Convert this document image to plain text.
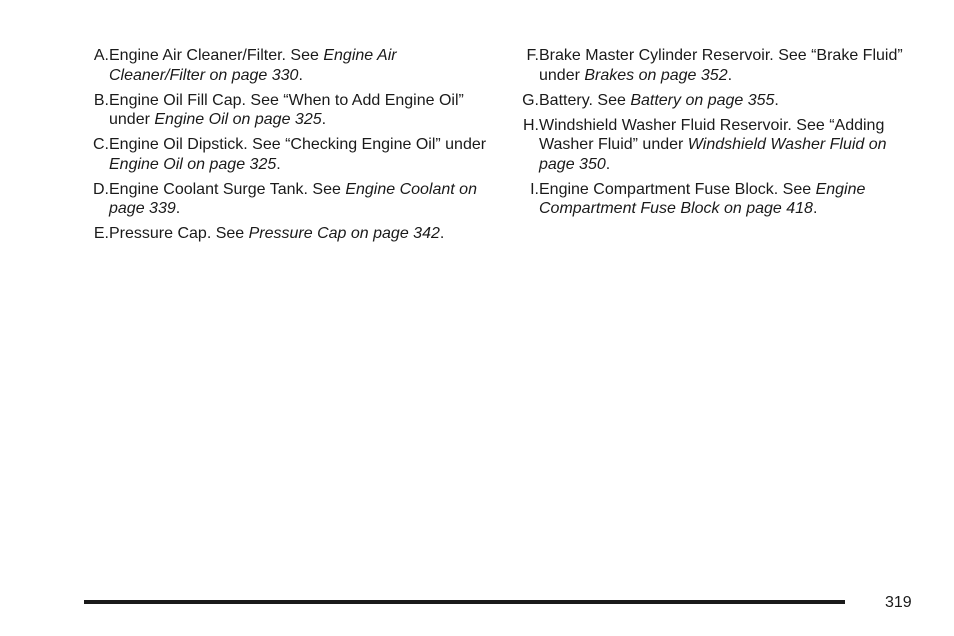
A. Engine Air Cleaner/Filter. See Engine Air Cleaner/Filter on page 330.
B. Engine Oil Fill Cap. See “When to Add Engine Oil” under Engine Oil on page 325.
C. Engine Oil Dipstick. See “Checking Engine Oil” under Engine Oil on page 325.
D. Engine Coolant Surge Tank. See Engine Coolant on page 339.
E. Pressure Cap. See Pressure Cap on page 342.
F. Brake Master Cylinder Reservoir. See “Brake Fluid” under Brakes on page 352.
G. Battery. See Battery on page 355.
H. Windshield Washer Fluid Reservoir. See “Adding Washer Fluid” under Windshield Washer Fluid on page 350.
I. Engine Compartment Fuse Block. See Engine Compartment Fuse Block on page 418.
319
